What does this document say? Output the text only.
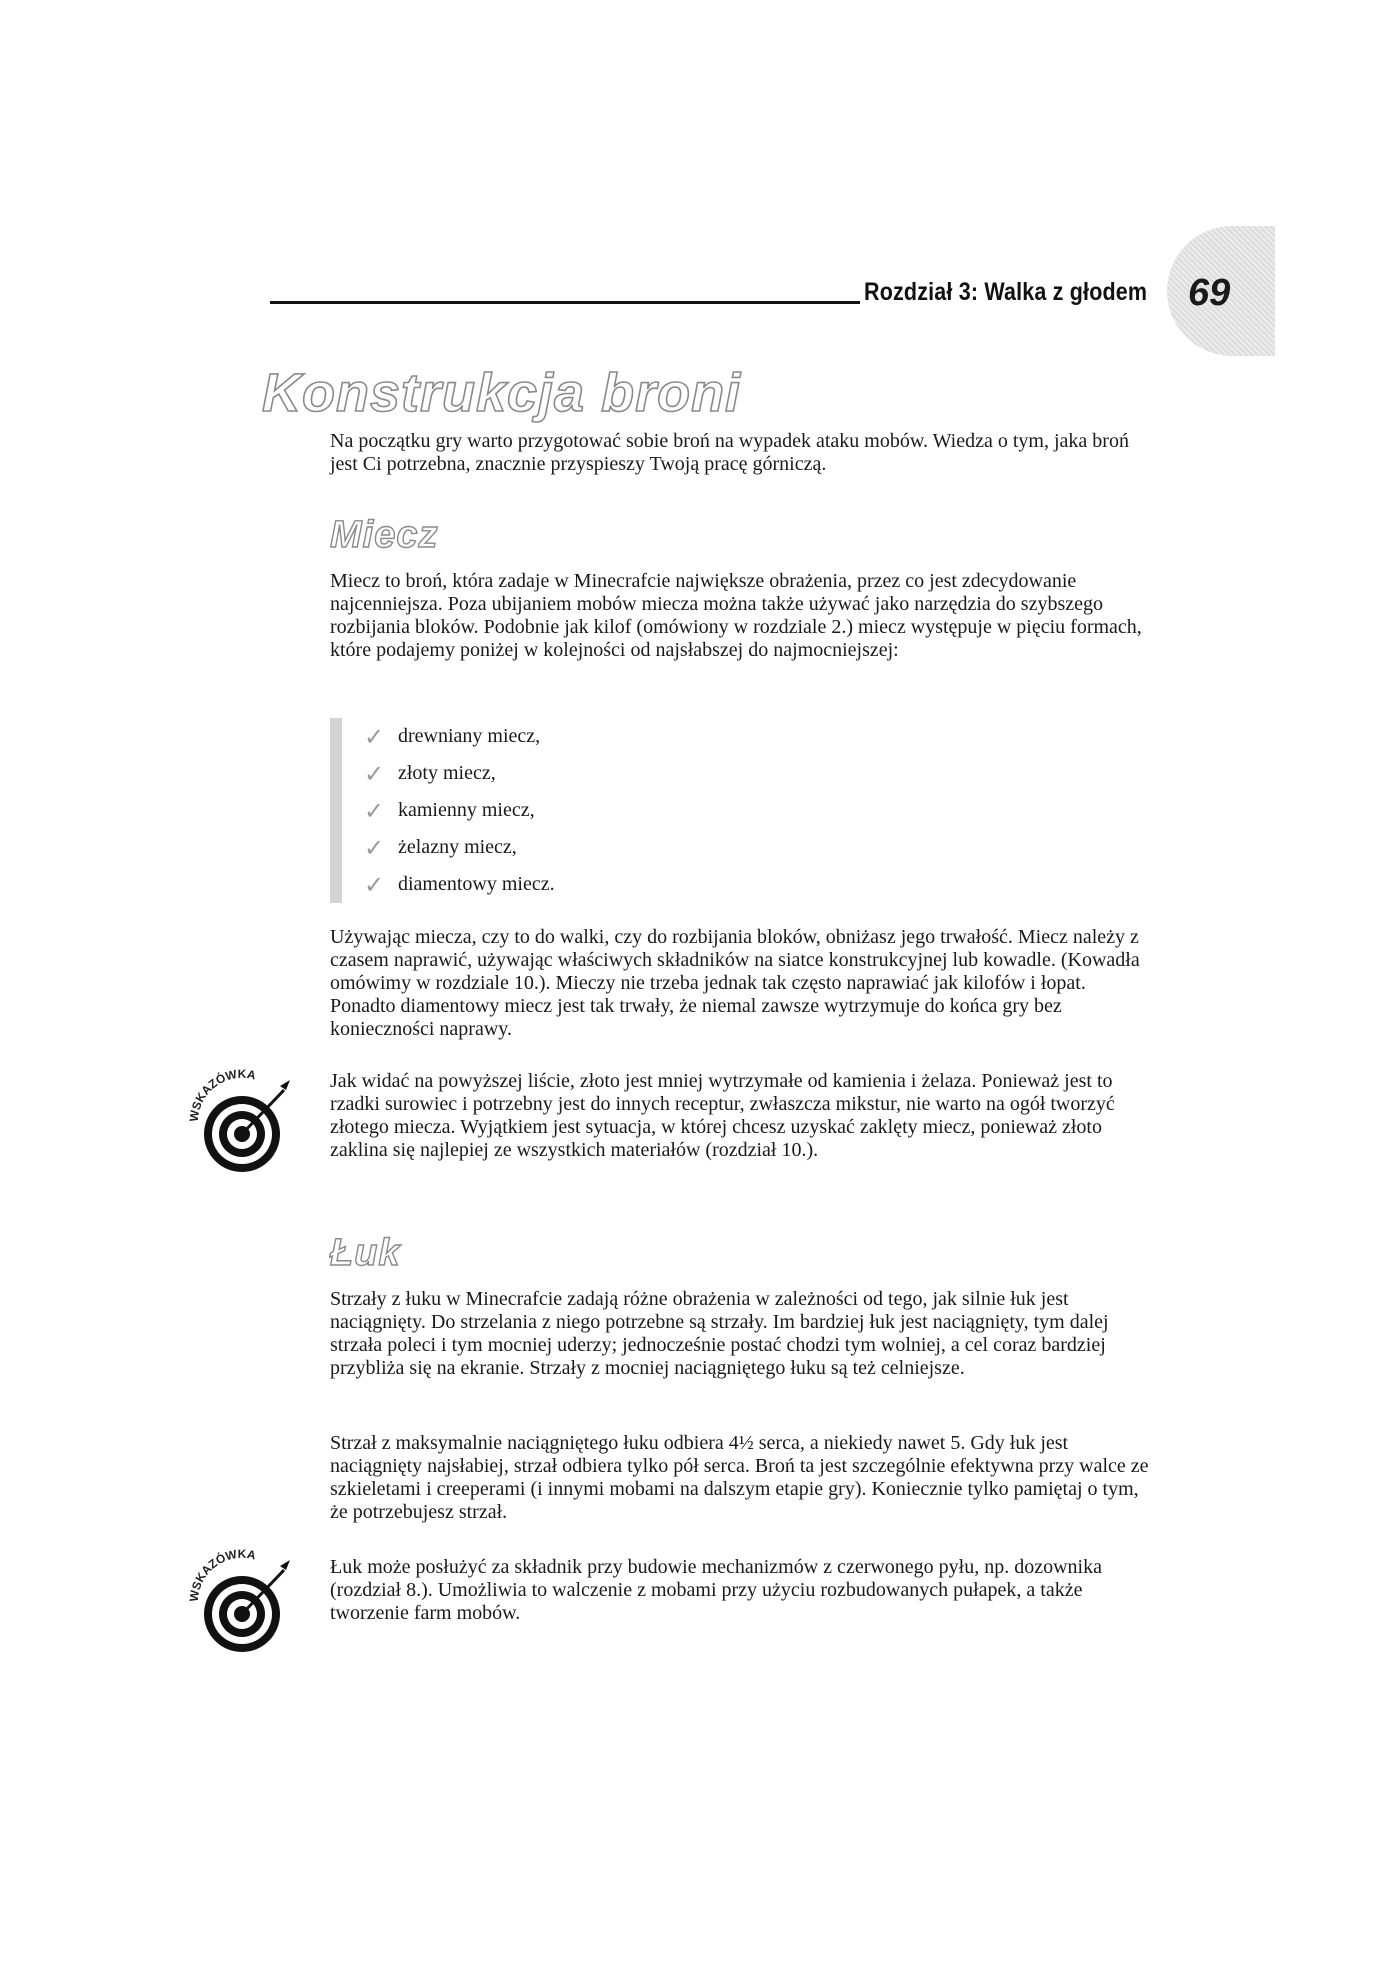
Rozdział 3: Walka z głodem 69
Konstrukcja broni

Na początku gry warto przygotować sobie broń na wypadek ataku mobów. Wiedza o tym, jaka broń jest Ci potrzebna, znacznie przyspieszy Twoją pracę górniczą.

Miecz

Miecz to broń, która zadaje w Minecrafcie największe obrażenia, przez co jest zdecydowanie najcenniejsza. Poza ubijaniem mobów miecza można także używać jako narzędzia do szybszego rozbijania bloków. Podobnie jak kilof (omówiony w rozdziale 2.) miecz występuje w pięciu formach, które podajemy poniżej w kolejności od najsłabszej do najmocniejszej:

✓ drewniany miecz,
✓ złoty miecz,
✓ kamienny miecz,
✓ żelazny miecz,
✓ diamentowy miecz.

Używając miecza, czy to do walki, czy do rozbijania bloków, obniżasz jego trwałość. Miecz należy z czasem naprawić, używając właściwych składników na siatce konstrukcyjnej lub kowadle. (Kowadła omówimy w rozdziale 10.). Mieczy nie trzeba jednak tak często naprawiać jak kilofów i łopat. Ponadto diamentowy miecz jest tak trwały, że niemal zawsze wytrzymuje do końca gry bez konieczności naprawy.

WSKAZÓWKA	Jak widać na powyższej liście, złoto jest mniej wytrzymałe od kamienia i żelaza. Ponieważ jest to rzadki surowiec i potrzebny jest do innych receptur, zwłaszcza mikstur, nie warto na ogół tworzyć złotego miecza. Wyjątkiem jest sytuacja, w której chcesz uzyskać zaklęty miecz, ponieważ złoto zaklina się najlepiej ze wszystkich materiałów (rozdział 10.).

Łuk

Strzały z łuku w Minecrafcie zadają różne obrażenia w zależności od tego, jak silnie łuk jest naciągnięty. Do strzelania z niego potrzebne są strzały. Im bardziej łuk jest naciągnięty, tym dalej strzała poleci i tym mocniej uderzy; jednocześnie postać chodzi tym wolniej, a cel coraz bardziej przybliża się na ekranie. Strzały z mocniej naciągniętego łuku są też celniejsze.

Strzał z maksymalnie naciągniętego łuku odbiera 4½ serca, a niekiedy nawet 5. Gdy łuk jest naciągnięty najsłabiej, strzał odbiera tylko pół serca. Broń ta jest szczególnie efektywna przy walce ze szkieletami i creeperami (i innymi mobami na dalszym etapie gry). Koniecznie tylko pamiętaj o tym, że potrzebujesz strzał.

WSKAZÓWKA

Łuk może posłużyć za składnik przy budowie mechanizmów z czerwonego pyłu, np. dozownika (rozdział 8.). Umożliwia to walczenie z mobami przy użyciu rozbudowanych pułapek, a także tworzenie farm mobów.
